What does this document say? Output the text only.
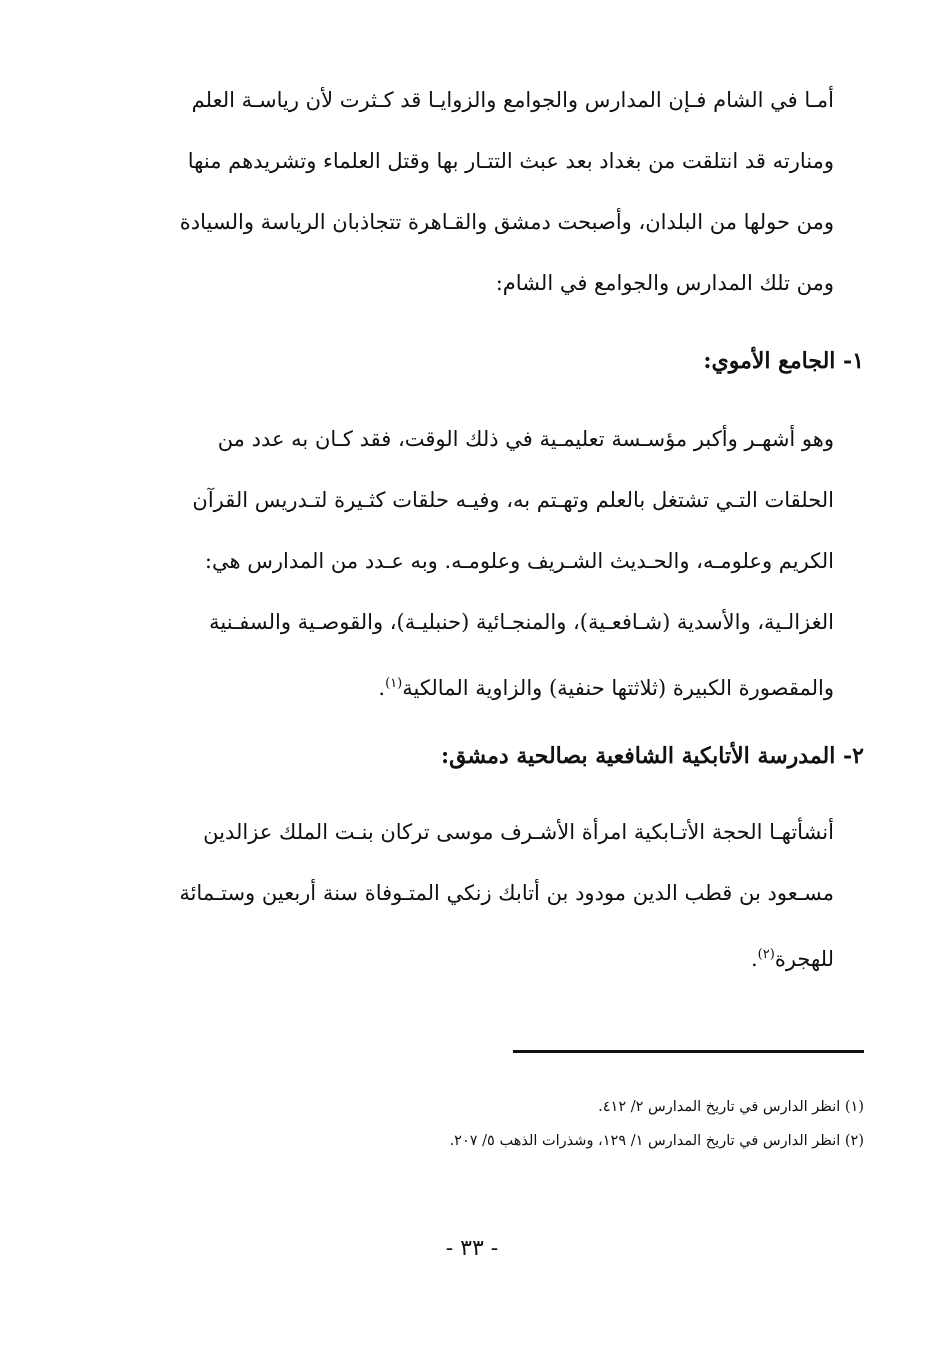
أمـا في الشام فـإن المدارس والجوامع والزوايـا قد كـثرت لأن رياسـة العلم
ومنارته قد انتلقت من بغداد بعد عبث التتـار بها وقتل العلماء وتشريدهم منها
ومن حولها من البلدان، وأصبحت دمشق والقـاهرة تتجاذبان الرياسة والسيادة
ومن تلك المدارس والجوامع في الشام:
١- الجامع الأموي:
وهو أشهـر وأكبر مؤسـسة تعليمـية في ذلك الوقت، فقد كـان به عدد من
الحلقات التـي تشتغل بالعلم وتهـتم به، وفيـه حلقات كثـيرة لتـدريس القرآن
الكريم وعلومـه، والحـديث الشـريف وعلومـه. وبه عـدد من المدارس هي:
الغزالـية، والأسدية (شـافعـية)، والمنجـائية (حنبليـة)، والقوصـية والسفـنية
والمقصورة الكبيرة (ثلاثتها حنفية) والزاوية المالكية$^{(١)}$.
٢- المدرسة الأتابكية الشافعية بصالحية دمشق:
أنشأتهـا الحجة الأتـابكية امرأة الأشـرف موسى تركان بنـت الملك عزالدين
مسـعود بن قطب الدين مودود بن أتابك زنكي المتـوفاة سنة أربعين وستـمائة
للهجرة$^{(٢)}$.
(١) انظر الدارس في تاريخ المدارس ٢/ ٤١٢.
(٢) انظر الدارس في تاريخ المدارس ١/ ١٢٩، وشذرات الذهب ٥/ ٢٠٧.
- ٣٣ -
